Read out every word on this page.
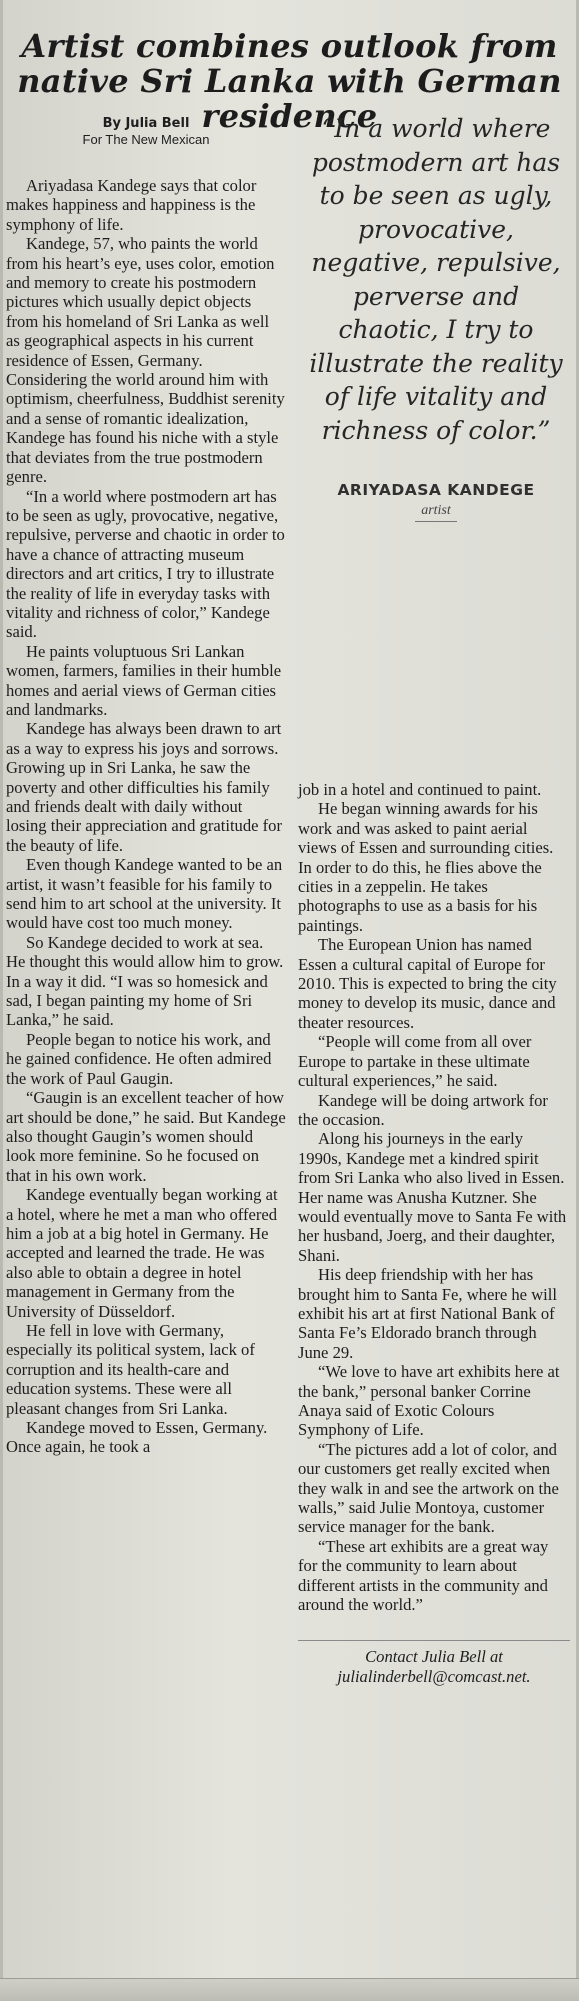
Artist combines outlook from native Sri Lanka with German residence
By Julia Bell
For The New Mexican

Ariyadasa Kandege says that color makes happiness and happiness is the symphony of life.

Kandege, 57, who paints the world from his heart’s eye, uses color, emotion and memory to create his postmodern pictures which usually depict objects from his homeland of Sri Lanka as well as geographical aspects in his current residence of Essen, Germany. Considering the world around him with optimism, cheerfulness, Buddhist serenity and a sense of romantic idealization, Kandege has found his niche with a style that deviates from the true postmodern genre.

“In a world where postmodern art has to be seen as ugly, provocative, negative, repulsive, perverse and chaotic in order to have a chance of attracting museum directors and art critics, I try to illustrate the reality of life in everyday tasks with vitality and richness of color,” Kandege said.

He paints voluptuous Sri Lankan women, farmers, families in their humble homes and aerial views of German cities and landmarks.

Kandege has always been drawn to art as a way to express his joys and sorrows. Growing up in Sri Lanka, he saw the poverty and other difficulties his family and friends dealt with daily without losing their appreciation and gratitude for the beauty of life.

Even though Kandege wanted to be an artist, it wasn’t feasible for his family to send him to art school at the university. It would have cost too much money.

So Kandege decided to work at sea. He thought this would allow him to grow. In a way it did. “I was so homesick and sad, I began painting my home of Sri Lanka,” he said.

People began to notice his work, and he gained confidence. He often admired the work of Paul Gaugin.

“Gaugin is an excellent teacher of how art should be done,” he said. But Kandege also thought Gaugin’s women should look more feminine. So he focused on that in his own work.

Kandege eventually began working at a hotel, where he met a man who offered him a job at a big hotel in Germany. He accepted and learned the trade. He was also able to obtain a degree in hotel management in Germany from the University of Düsseldorf.

He fell in love with Germany, especially its political system, lack of corruption and its health-care and education systems. These were all pleasant changes from Sri Lanka.

Kandege moved to Essen, Germany. Once again, he took a

“In a world where postmodern art has to be seen as ugly, provocative, negative, repulsive, perverse and chaotic, I try to illustrate the reality of life vitality and richness of color.”
ARIYADASA KANDEGE
artist

job in a hotel and continued to paint.

He began winning awards for his work and was asked to paint aerial views of Essen and surrounding cities. In order to do this, he flies above the cities in a zeppelin. He takes photographs to use as a basis for his paintings.

The European Union has named Essen a cultural capital of Europe for 2010. This is expected to bring the city money to develop its music, dance and theater resources.

“People will come from all over Europe to partake in these ultimate cultural experiences,” he said.

Kandege will be doing artwork for the occasion.

Along his journeys in the early 1990s, Kandege met a kindred spirit from Sri Lanka who also lived in Essen. Her name was Anusha Kutzner. She would eventually move to Santa Fe with her husband, Joerg, and their daughter, Shani.

His deep friendship with her has brought him to Santa Fe, where he will exhibit his art at first National Bank of Santa Fe’s Eldorado branch through June 29.

“We love to have art exhibits here at the bank,” personal banker Corrine Anaya said of Exotic Colours Symphony of Life.

“The pictures add a lot of color, and our customers get really excited when they walk in and see the artwork on the walls,” said Julie Montoya, customer service manager for the bank.

“These art exhibits are a great way for the community to learn about different artists in the community and around the world.”

Contact Julia Bell at
julialinderbell@comcast.net.
